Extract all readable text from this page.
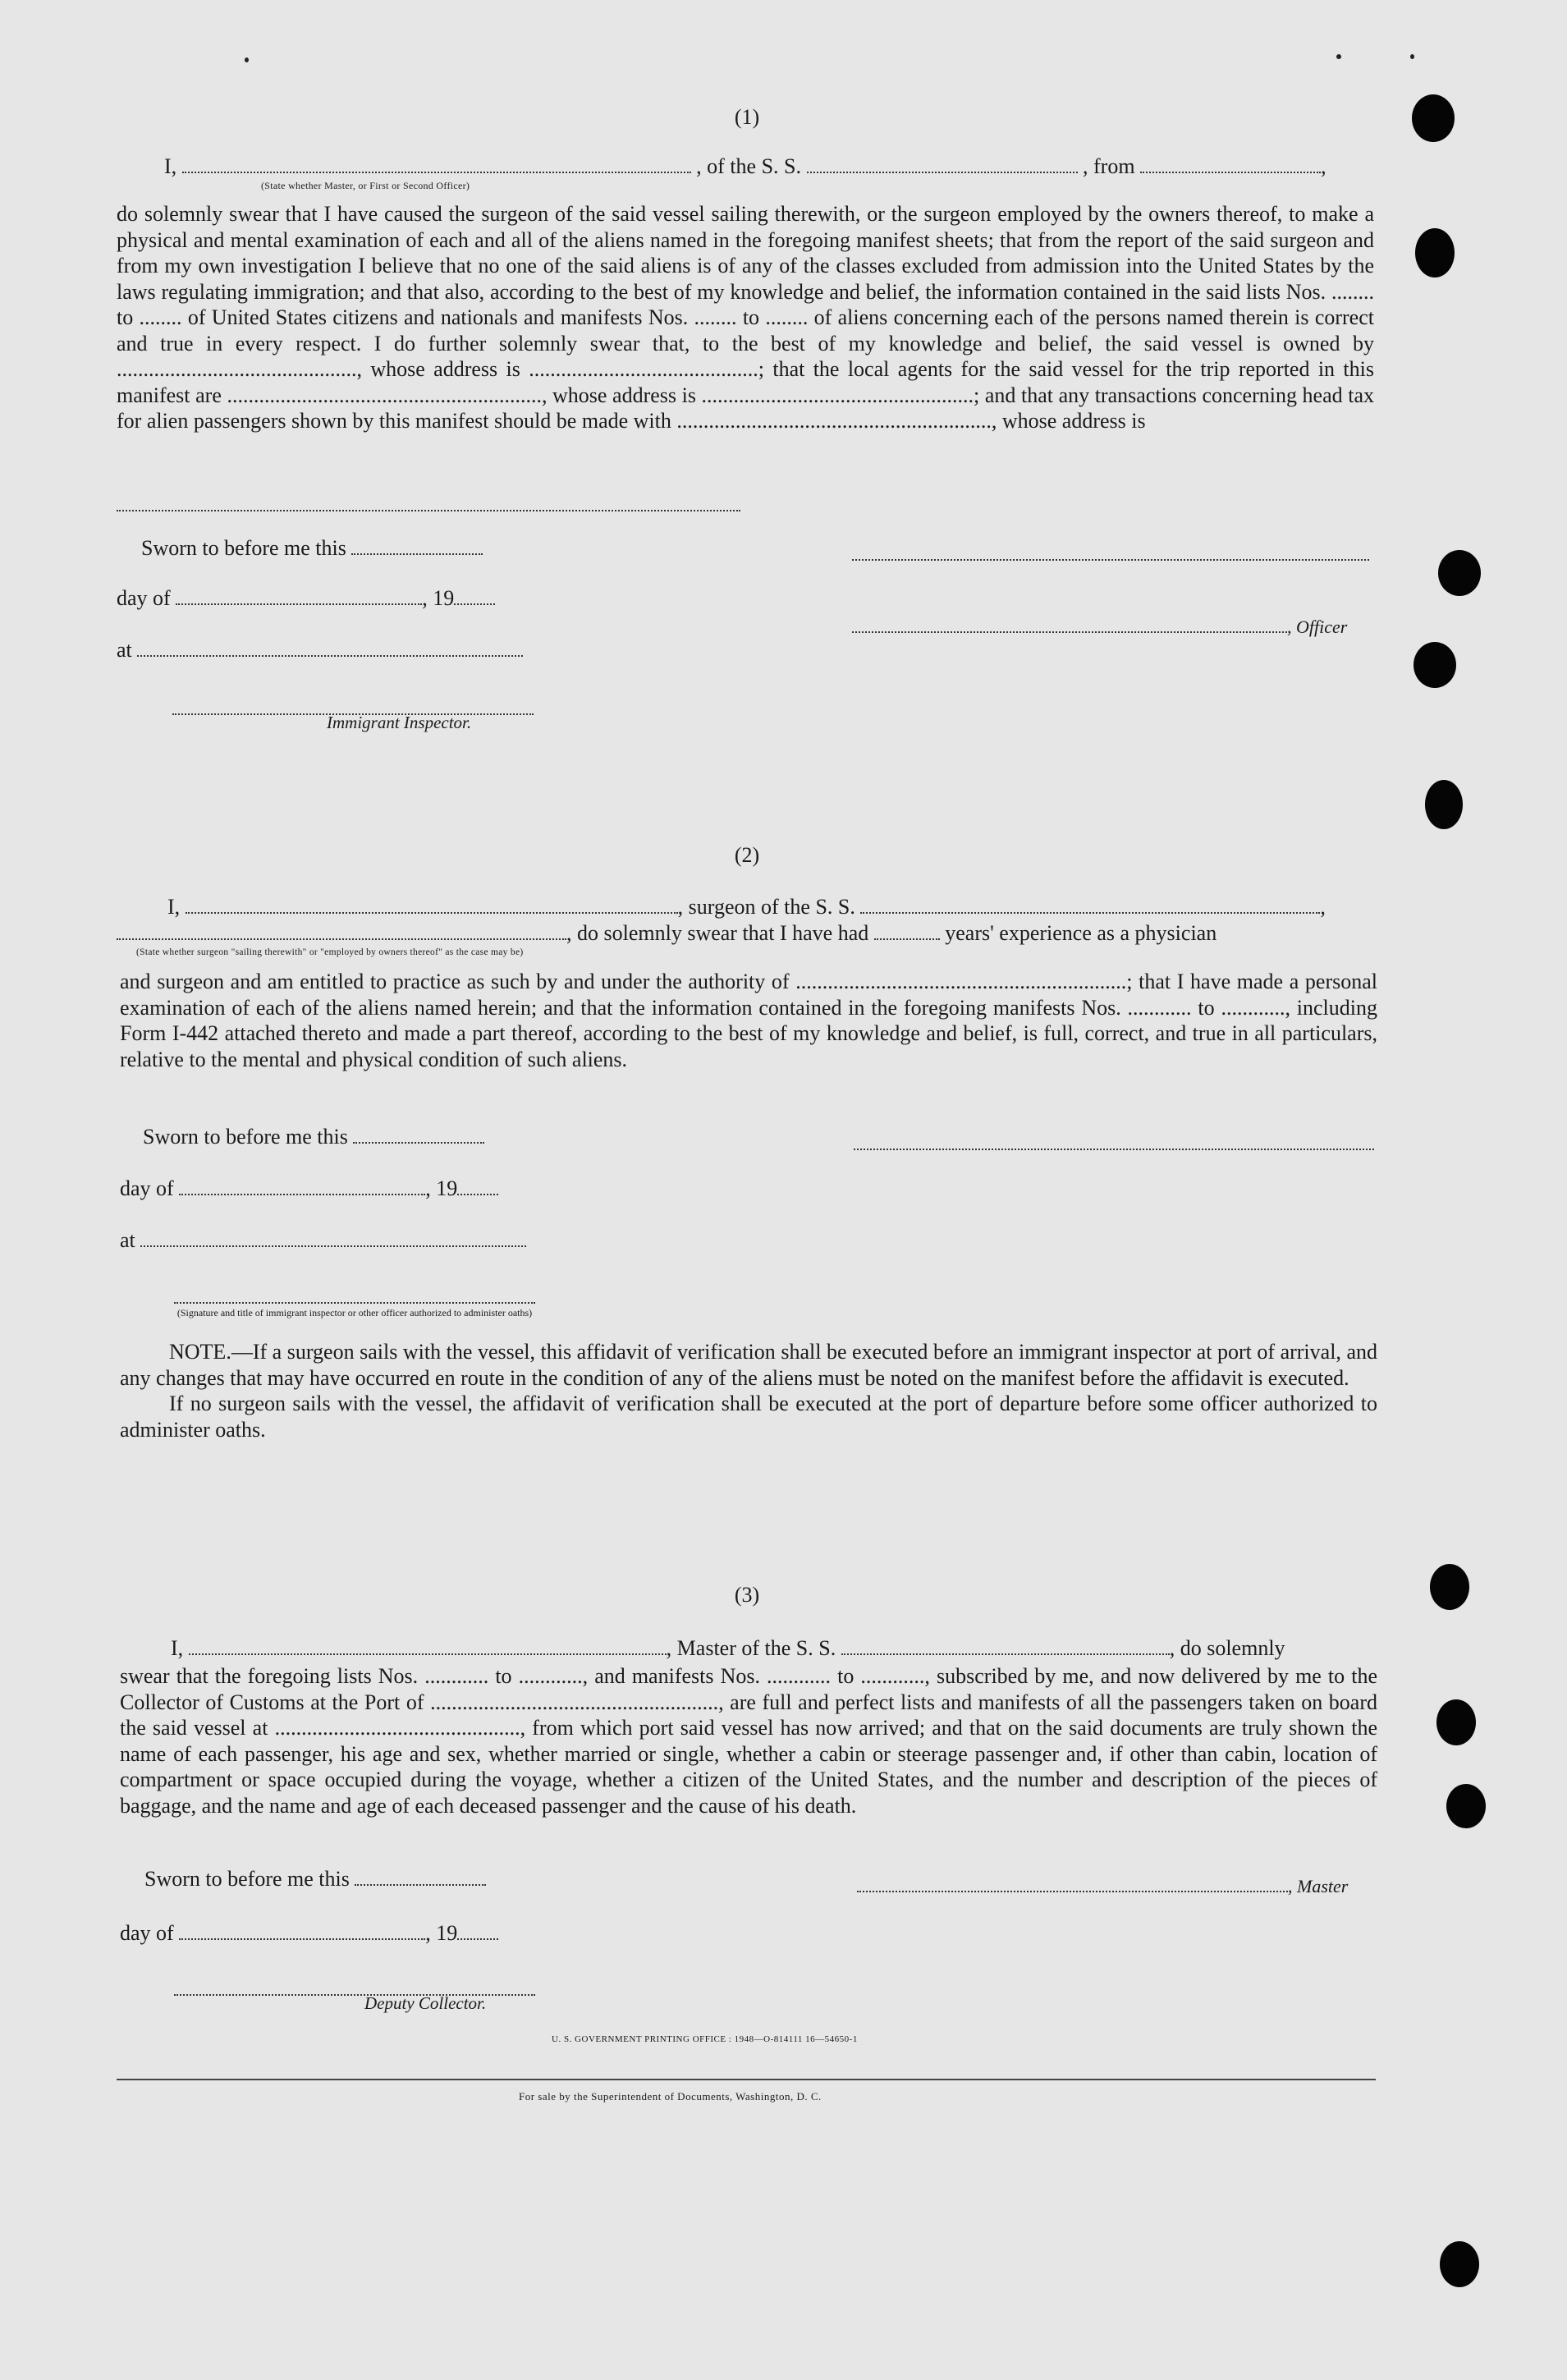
(1)
I,	, of the S. S.	, from	,
(State whether Master, or First or Second Officer)
do solemnly swear that I have caused the surgeon of the said vessel sailing therewith, or the surgeon employed by the owners thereof, to make a physical and mental examination of each and all of the aliens named in the foregoing manifest sheets; that from the report of the said surgeon and from my own investigation I believe that no one of the said aliens is of any of the classes excluded from admission into the United States by the laws regulating immigration; and that also, according to the best of my knowledge and belief, the information contained in the said lists Nos. ........ to ........ of United States citizens and nationals and manifests Nos. ........ to ........ of aliens concerning each of the persons named therein is correct and true in every respect. I do further solemnly swear that, to the best of my knowledge and belief, the said vessel is owned by ............................................., whose address is ...........................................; that the local agents for the said vessel for the trip reported in this manifest are ..........................................................., whose address is ...................................................; and that any transactions concerning head tax for alien passengers shown by this manifest should be made with ..........................................................., whose address is
Sworn to before me this
day of	, 19
at
, Officer
Immigrant Inspector.
(2)
I,	, surgeon of the S. S.	,
, do solemnly swear that I have had	years' experience as a physician
(State whether surgeon "sailing therewith" or "employed by owners thereof" as the case may be)
and surgeon and am entitled to practice as such by and under the authority of ..............................................................; that I have made a personal examination of each of the aliens named herein; and that the information contained in the foregoing manifests Nos. ............ to ............, including Form I-442 attached thereto and made a part thereof, according to the best of my knowledge and belief, is full, correct, and true in all particulars, relative to the mental and physical condition of such aliens.
Sworn to before me this
day of	, 19
at
(Signature and title of immigrant inspector or other officer authorized to administer oaths)
NOTE.—If a surgeon sails with the vessel, this affidavit of verification shall be executed before an immigrant inspector at port of arrival, and any changes that may have occurred en route in the condition of any of the aliens must be noted on the manifest before the affidavit is executed.
If no surgeon sails with the vessel, the affidavit of verification shall be executed at the port of departure before some officer authorized to administer oaths.
(3)
I,	, Master of the S. S.	, do solemnly
swear that the foregoing lists Nos. ............ to ............, and manifests Nos. ............ to ............, subscribed by me, and now delivered by me to the Collector of Customs at the Port of ......................................................, are full and perfect lists and manifests of all the passengers taken on board the said vessel at .............................................., from which port said vessel has now arrived; and that on the said documents are truly shown the name of each passenger, his age and sex, whether married or single, whether a cabin or steerage passenger and, if other than cabin, location of compartment or space occupied during the voyage, whether a citizen of the United States, and the number and description of the pieces of baggage, and the name and age of each deceased passenger and the cause of his death.
Sworn to before me this	, Master
day of	, 19
Deputy Collector.
U. S. GOVERNMENT PRINTING OFFICE : 1948—O-814111 16—54650-1
For sale by the Superintendent of Documents, Washington, D. C.
